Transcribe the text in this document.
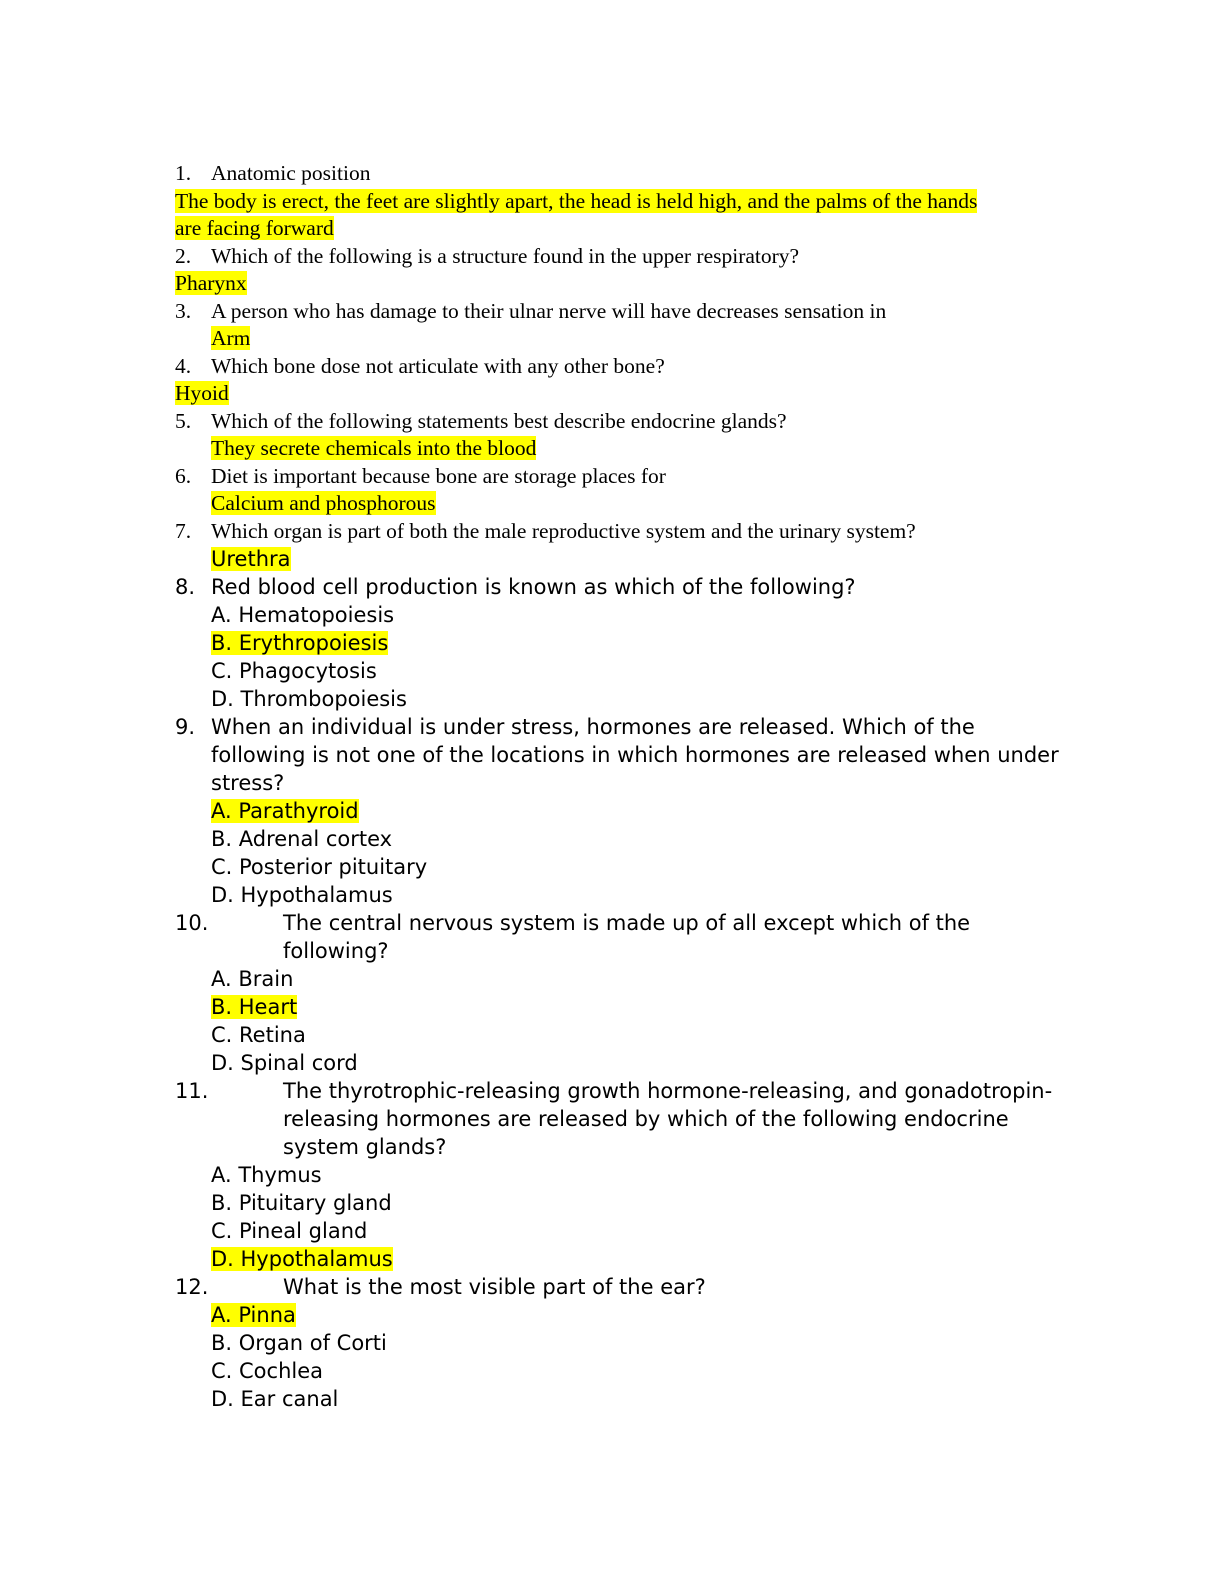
1. Anatomic position
The body is erect, the feet are slightly apart, the head is held high, and the palms of the hands
are facing forward
2. Which of the following is a structure found in the upper respiratory?
Pharynx
3. A person who has damage to their ulnar nerve will have decreases sensation in
Arm
4. Which bone dose not articulate with any other bone?
Hyoid
5. Which of the following statements best describe endocrine glands?
They secrete chemicals into the blood
6. Diet is important because bone are storage places for
Calcium and phosphorous
7. Which organ is part of both the male reproductive system and the urinary system?
Urethra
8. Red blood cell production is known as which of the following?
A. Hematopoiesis
B. Erythropoiesis
C. Phagocytosis
D. Thrombopoiesis
9. When an individual is under stress, hormones are released. Which of the following is not one of the locations in which hormones are released when under stress?
A. Parathyroid
B. Adrenal cortex
C. Posterior pituitary
D. Hypothalamus
10.	The central nervous system is made up of all except which of the following?
A. Brain
B. Heart
C. Retina
D. Spinal cord
11.	The thyrotrophic-releasing growth hormone-releasing, and gonadotropin-releasing hormones are released by which of the following endocrine system glands?
A. Thymus
B. Pituitary gland
C. Pineal gland
D. Hypothalamus
12.	What is the most visible part of the ear?
A. Pinna
B. Organ of Corti
C. Cochlea
D. Ear canal
